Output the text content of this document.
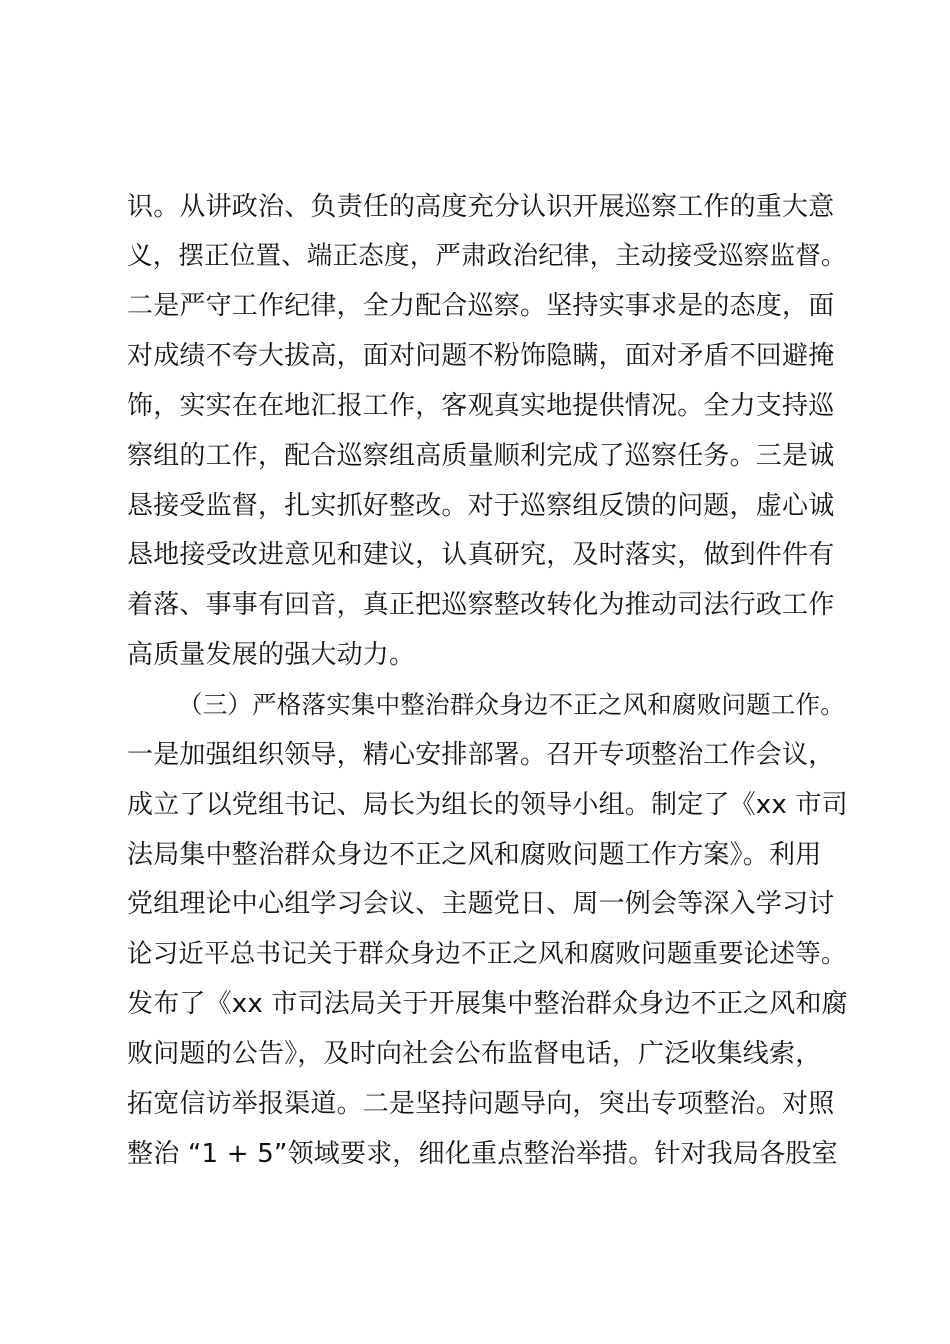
识。从讲政治、负责任的高度充分认识开展巡察工作的重大意
义，摆正位置、端正态度，严肃政治纪律，主动接受巡察监督。
二是严守工作纪律，全力配合巡察。坚持实事求是的态度，面
对成绩不夸大拔高，面对问题不粉饰隐瞒，面对矛盾不回避掩
饰，实实在在地汇报工作，客观真实地提供情况。全力支持巡
察组的工作，配合巡察组高质量顺利完成了巡察任务。三是诚
恳接受监督，扎实抓好整改。对于巡察组反馈的问题，虚心诚
恳地接受改进意见和建议，认真研究，及时落实，做到件件有
着落、事事有回音，真正把巡察整改转化为推动司法行政工作
高质量发展的强大动力。
（三）严格落实集中整治群众身边不正之风和腐败问题工作。
一是加强组织领导，精心安排部署。召开专项整治工作会议，
成立了以党组书记、局长为组长的领导小组。制定了《xx 市司
法局集中整治群众身边不正之风和腐败问题工作方案》。利用
党组理论中心组学习会议、主题党日、周一例会等深入学习讨
论习近平总书记关于群众身边不正之风和腐败问题重要论述等。
发布了《xx 市司法局关于开展集中整治群众身边不正之风和腐
败问题的公告》，及时向社会公布监督电话，广泛收集线索，
拓宽信访举报渠道。二是坚持问题导向，突出专项整治。对照
整治 “1 + 5”领域要求，细化重点整治举措。针对我局各股室
